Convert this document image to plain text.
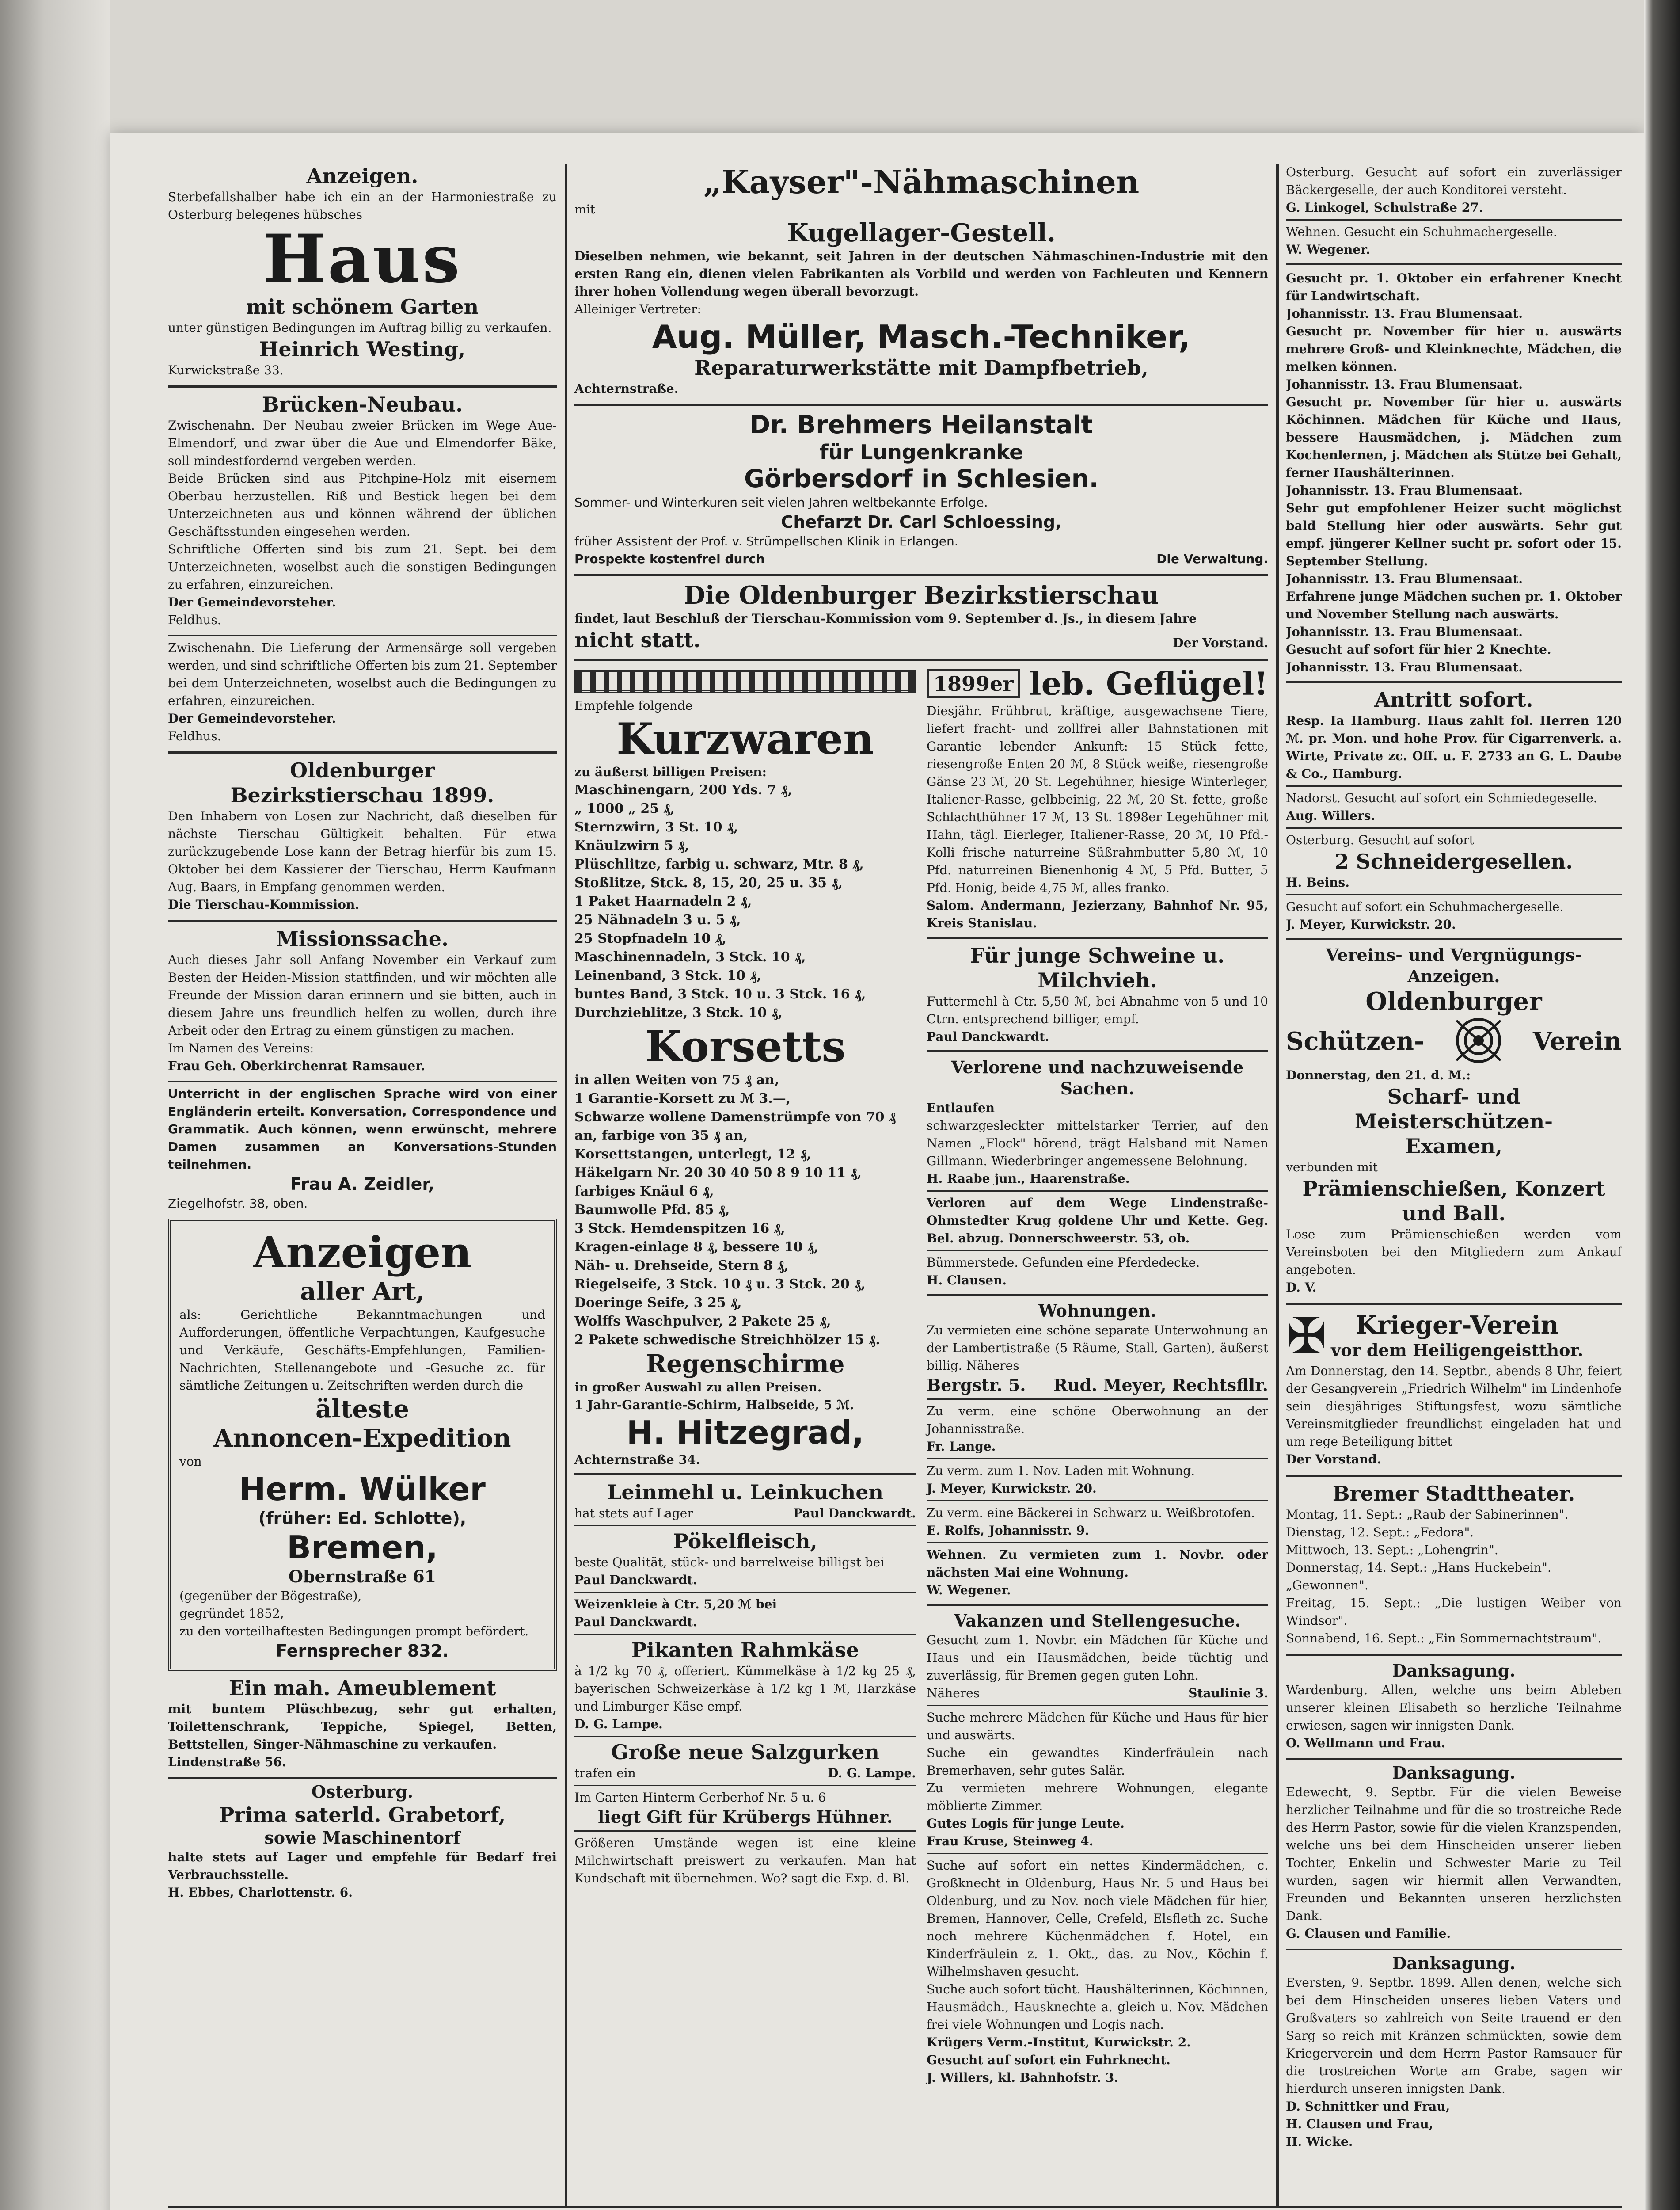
Anzeigen.
Sterbefallshalber habe ich ein an der Harmoniestraße zu Osterburg belegenes hübsches
Haus
mit schönem Garten
unter günstigen Bedingungen im Auftrag billig zu verkaufen.
Heinrich Westing,
Kurwickstraße 33.
Brücken-Neubau.
Zwischenahn. Der Neubau zweier Brücken im Wege Aue-Elmendorf, und zwar über die Aue und Elmendorfer Bäke, soll mindestfordernd vergeben werden.
Beide Brücken sind aus Pitchpine-Holz mit eisernem Oberbau herzustellen. Riß und Bestick liegen bei dem Unterzeichneten aus und können während der üblichen Geschäftsstunden eingesehen werden.
Schriftliche Offerten sind bis zum 21. Sept. bei dem Unterzeichneten, woselbst auch die sonstigen Bedingungen zu erfahren, einzureichen.
Der Gemeindevorsteher.
Feldhus.
Zwischenahn. Die Lieferung der Armensärge soll vergeben werden, und sind schriftliche Offerten bis zum 21. September bei dem Unterzeichneten, woselbst auch die Bedingungen zu erfahren, einzureichen.
Der Gemeindevorsteher.
Feldhus.
Oldenburger
Bezirkstierschau 1899.
Den Inhabern von Losen zur Nachricht, daß dieselben für nächste Tierschau Gültigkeit behalten. Für etwa zurückzugebende Lose kann der Betrag hierfür bis zum 15. Oktober bei dem Kassierer der Tierschau, Herrn Kaufmann Aug. Baars, in Empfang genommen werden.
Die Tierschau-Kommission.
Missionssache.
Auch dieses Jahr soll Anfang November ein Verkauf zum Besten der Heiden-Mission stattfinden, und wir möchten alle Freunde der Mission daran erinnern und sie bitten, auch in diesem Jahre uns freundlich helfen zu wollen, durch ihre Arbeit oder den Ertrag zu einem günstigen zu machen.
Im Namen des Vereins:
Frau Geh. Oberkirchenrat Ramsauer.
Unterricht in der englischen Sprache wird von einer Engländerin erteilt. Konversation, Correspondence und Grammatik. Auch können, wenn erwünscht, mehrere Damen zusammen an Konversations-Stunden teilnehmen.
Frau A. Zeidler,
Ziegelhofstr. 38, oben.
Anzeigen
aller Art,
als: Gerichtliche Bekanntmachungen und Aufforderungen, öffentliche Verpachtungen, Kaufgesuche und Verkäufe, Geschäfts-Empfehlungen, Familien-Nachrichten, Stellenangebote und -Gesuche zc. für sämtliche Zeitungen u. Zeitschriften werden durch die
älteste
Annoncen-Expedition
von
Herm. Wülker
(früher: Ed. Schlotte),
Bremen,
Obernstraße 61
(gegenüber der Bögestraße),
gegründet 1852,
zu den vorteilhaftesten Bedingungen prompt befördert.
Fernsprecher 832.
Ein mah. Ameublement
mit buntem Plüschbezug, sehr gut erhalten, Toilettenschrank, Teppiche, Spiegel, Betten, Bettstellen, Singer-Nähmaschine zu verkaufen.
Lindenstraße 56.
Osterburg.
Prima saterld. Grabetorf,
sowie Maschinentorf
halte stets auf Lager und empfehle für Bedarf frei Verbrauchsstelle.
H. Ebbes, Charlottenstr. 6.
„Kayser"-Nähmaschinen
mit
Kugellager-Gestell.
Dieselben nehmen, wie bekannt, seit Jahren in der deutschen Nähmaschinen-Industrie mit den ersten Rang ein, dienen vielen Fabrikanten als Vorbild und werden von Fachleuten und Kennern ihrer hohen Vollendung wegen überall bevorzugt.
Alleiniger Vertreter:
Aug. Müller, Masch.-Techniker,
Reparaturwerkstätte mit Dampfbetrieb,
Achternstraße.
Dr. Brehmers Heilanstalt
für Lungenkranke
Görbersdorf in Schlesien.
Sommer- und Winterkuren seit vielen Jahren weltbekannte Erfolge.
Chefarzt Dr. Carl Schloessing,
früher Assistent der Prof. v. Strümpellschen Klinik in Erlangen.
Prospekte kostenfrei durch	Die Verwaltung.
Die Oldenburger Bezirkstierschau
findet, laut Beschluß der Tierschau-Kommission vom 9. September d. Js., in diesem Jahre
nicht statt.	Der Vorstand.
Empfehle folgende
Kurzwaren
zu äußerst billigen Preisen:
Maschinengarn, 200 Yds. 7 ₰,
„ 1000 „ 25 ₰,
Sternzwirn, 3 St. 10 ₰,
Knäulzwirn 5 ₰,
Plüschlitze, farbig u. schwarz, Mtr. 8 ₰,
Stoßlitze, Stck. 8, 15, 20, 25 u. 35 ₰,
1 Paket Haarnadeln 2 ₰,
25 Nähnadeln 3 u. 5 ₰,
25 Stopfnadeln 10 ₰,
Maschinennadeln, 3 Stck. 10 ₰,
Leinenband, 3 Stck. 10 ₰,
buntes Band, 3 Stck. 10 u. 3 Stck. 16 ₰,
Durchziehlitze, 3 Stck. 10 ₰,
Korsetts
in allen Weiten von 75 ₰ an,
1 Garantie-Korsett zu ℳ 3.—,
Schwarze wollene Damenstrümpfe von 70 ₰ an, farbige von 35 ₰ an,
Korsettstangen, unterlegt, 12 ₰,
Häkelgarn Nr. 20 30 40 50 8 9 10 11 ₰,
farbiges Knäul 6 ₰,
Baumwolle Pfd. 85 ₰,
3 Stck. Hemdenspitzen 16 ₰,
Kragen-einlage 8 ₰, bessere 10 ₰,
Näh- u. Drehseide, Stern 8 ₰,
Riegelseife, 3 Stck. 10 ₰ u. 3 Stck. 20 ₰,
Doeringe Seife, 3 25 ₰,
Wolffs Waschpulver, 2 Pakete 25 ₰,
2 Pakete schwedische Streichhölzer 15 ₰.
Regenschirme
in großer Auswahl zu allen Preisen.
1 Jahr-Garantie-Schirm, Halbseide, 5 ℳ.
H. Hitzegrad,
Achternstraße 34.
Leinmehl u. Leinkuchen
hat stets auf Lager	Paul Danckwardt.
Pökelfleisch,
beste Qualität, stück- und barrelweise billigst bei
Paul Danckwardt.
Weizenkleie à Ctr. 5,20 ℳ bei
Paul Danckwardt.
Pikanten Rahmkäse
à 1/2 kg 70 ₰, offeriert. Kümmelkäse à 1/2 kg 25 ₰, bayerischen Schweizerkäse à 1/2 kg 1 ℳ, Harzkäse und Limburger Käse empf.
D. G. Lampe.
Große neue Salzgurken
trafen ein	D. G. Lampe.
Im Garten Hinterm Gerberhof Nr. 5 u. 6
liegt Gift für Krübergs Hühner.
Größeren Umstände wegen ist eine kleine Milchwirtschaft preiswert zu verkaufen. Man hat Kundschaft mit übernehmen. Wo? sagt die Exp. d. Bl.
1899er leb. Geflügel!
Diesjähr. Frühbrut, kräftige, ausgewachsene Tiere, liefert fracht- und zollfrei aller Bahnstationen mit Garantie lebender Ankunft: 15 Stück fette, riesengroße Enten 20 ℳ, 8 Stück weiße, riesengroße Gänse 23 ℳ, 20 St. Legehühner, hiesige Winterleger, Italiener-Rasse, gelbbeinig, 22 ℳ, 20 St. fette, große Schlachthühner 17 ℳ, 13 St. 1898er Legehühner mit Hahn, tägl. Eierleger, Italiener-Rasse, 20 ℳ, 10 Pfd.-Kolli frische naturreine Süßrahmbutter 5,80 ℳ, 10 Pfd. naturreinen Bienenhonig 4 ℳ, 5 Pfd. Butter, 5 Pfd. Honig, beide 4,75 ℳ, alles franko.
Salom. Andermann, Jezierzany, Bahnhof Nr. 95, Kreis Stanislau.
Für junge Schweine u. Milchvieh.
Futtermehl à Ctr. 5,50 ℳ, bei Abnahme von 5 und 10 Ctrn. entsprechend billiger, empf.
Paul Danckwardt.
Verlorene und nachzuweisende Sachen.
Entlaufen
schwarzgesleckter mittelstarker Terrier, auf den Namen „Flock" hörend, trägt Halsband mit Namen Gillmann. Wiederbringer angemessene Belohnung.
H. Raabe jun., Haarenstraße.
Verloren auf dem Wege Lindenstraße-Ohmstedter Krug goldene Uhr und Kette. Geg. Bel. abzug. Donnerschweerstr. 53, ob.
Bümmerstede. Gefunden eine Pferdedecke.
H. Clausen.
Wohnungen.
Zu vermieten eine schöne separate Unterwohnung an der Lambertistraße (5 Räume, Stall, Garten), äußerst billig. Näheres
Bergstr. 5. Rud. Meyer, Rechtsfllr.
Zu verm. eine schöne Oberwohnung an der Johannisstraße.
Fr. Lange.
Zu verm. zum 1. Nov. Laden mit Wohnung.
J. Meyer, Kurwickstr. 20.
Zu verm. eine Bäckerei in Schwarz u. Weißbrotofen.
E. Rolfs, Johannisstr. 9.
Wehnen. Zu vermieten zum 1. Novbr. oder nächsten Mai eine Wohnung.
W. Wegener.
Vakanzen und Stellengesuche.
Gesucht zum 1. Novbr. ein Mädchen für Küche und Haus und ein Hausmädchen, beide tüchtig und zuverlässig, für Bremen gegen guten Lohn.
Näheres	Staulinie 3.
Suche mehrere Mädchen für Küche und Haus für hier und auswärts.
Suche ein gewandtes Kinderfräulein nach Bremerhaven, sehr gutes Salär.
Zu vermieten mehrere Wohnungen, elegante möblierte Zimmer.
Gutes Logis für junge Leute.
Frau Kruse, Steinweg 4.
Suche auf sofort ein nettes Kindermädchen, c. Großknecht in Oldenburg, Haus Nr. 5 und Haus bei Oldenburg, und zu Nov. noch viele Mädchen für hier, Bremen, Hannover, Celle, Crefeld, Elsfleth zc. Suche noch mehrere Küchenmädchen f. Hotel, ein Kinderfräulein z. 1. Okt., das. zu Nov., Köchin f. Wilhelmshaven gesucht.
Suche auch sofort tücht. Haushälterinnen, Köchinnen, Hausmädch., Hausknechte a. gleich u. Nov. Mädchen frei viele Wohnungen und Logis nach.
Krügers Verm.-Institut, Kurwickstr. 2.
Gesucht auf sofort ein Fuhrknecht.
J. Willers, kl. Bahnhofstr. 3.
Osterburg. Gesucht auf sofort ein zuverlässiger Bäckergeselle, der auch Konditorei versteht.
G. Linkogel, Schulstraße 27.
Wehnen. Gesucht ein Schuhmachergeselle.
W. Wegener.
Gesucht pr. 1. Oktober ein erfahrener Knecht für Landwirtschaft.
Johannisstr. 13. Frau Blumensaat.
Gesucht pr. November für hier u. auswärts mehrere Groß- und Kleinknechte, Mädchen, die melken können.
Johannisstr. 13. Frau Blumensaat.
Gesucht pr. November für hier u. auswärts Köchinnen. Mädchen für Küche und Haus, bessere Hausmädchen, j. Mädchen zum Kochenlernen, j. Mädchen als Stütze bei Gehalt, ferner Haushälterinnen.
Johannisstr. 13. Frau Blumensaat.
Sehr gut empfohlener Heizer sucht möglichst bald Stellung hier oder auswärts. Sehr gut empf. jüngerer Kellner sucht pr. sofort oder 15. September Stellung.
Johannisstr. 13. Frau Blumensaat.
Erfahrene junge Mädchen suchen pr. 1. Oktober und November Stellung nach auswärts.
Johannisstr. 13. Frau Blumensaat.
Gesucht auf sofort für hier 2 Knechte.
Johannisstr. 13. Frau Blumensaat.
Antritt sofort.
Resp. Ia Hamburg. Haus zahlt fol. Herren 120 ℳ. pr. Mon. und hohe Prov. für Cigarrenverk. a. Wirte, Private zc. Off. u. F. 2733 an G. L. Daube & Co., Hamburg.
Nadorst. Gesucht auf sofort ein Schmiedegeselle.
Aug. Willers.
Osterburg. Gesucht auf sofort
2 Schneidergesellen.
H. Beins.
Gesucht auf sofort ein Schuhmachergeselle.
J. Meyer, Kurwickstr. 20.
Vereins- und Vergnügungs-Anzeigen.
Oldenburger
Schützen-	Verein
Donnerstag, den 21. d. M.:
Scharf- und Meisterschützen-
Examen,
verbunden mit
Prämienschießen, Konzert
und Ball.
Lose zum Prämienschießen werden vom Vereinsboten bei den Mitgliedern zum Ankauf angeboten.
D. V.
✠	Krieger-Verein
vor dem Heiligengeistthor.
Am Donnerstag, den 14. Septbr., abends 8 Uhr, feiert der Gesangverein „Friedrich Wilhelm" im Lindenhofe sein diesjähriges Stiftungsfest, wozu sämtliche Vereinsmitglieder freundlichst eingeladen hat und um rege Beteiligung bittet
Der Vorstand.
Bremer Stadttheater.
Montag, 11. Sept.: „Raub der Sabinerinnen".
Dienstag, 12. Sept.: „Fedora".
Mittwoch, 13. Sept.: „Lohengrin".
Donnerstag, 14. Sept.: „Hans Huckebein".
„Gewonnen".
Freitag, 15. Sept.: „Die lustigen Weiber von Windsor".
Sonnabend, 16. Sept.: „Ein Sommernachtstraum".
Danksagung.
Wardenburg. Allen, welche uns beim Ableben unserer kleinen Elisabeth so herzliche Teilnahme erwiesen, sagen wir innigsten Dank.
O. Wellmann und Frau.
Danksagung.
Edewecht, 9. Septbr. Für die vielen Beweise herzlicher Teilnahme und für die so trostreiche Rede des Herrn Pastor, sowie für die vielen Kranzspenden, welche uns bei dem Hinscheiden unserer lieben Tochter, Enkelin und Schwester Marie zu Teil wurden, sagen wir hiermit allen Verwandten, Freunden und Bekannten unseren herzlichsten Dank.
G. Clausen und Familie.
Danksagung.
Eversten, 9. Septbr. 1899. Allen denen, welche sich bei dem Hinscheiden unseres lieben Vaters und Großvaters so zahlreich von Seite trauend er den Sarg so reich mit Kränzen schmückten, sowie dem Kriegerverein und dem Herrn Pastor Ramsauer für die trostreichen Worte am Grabe, sagen wir hierdurch unseren innigsten Dank.
D. Schnittker und Frau,
H. Clausen und Frau,
H. Wicke.
